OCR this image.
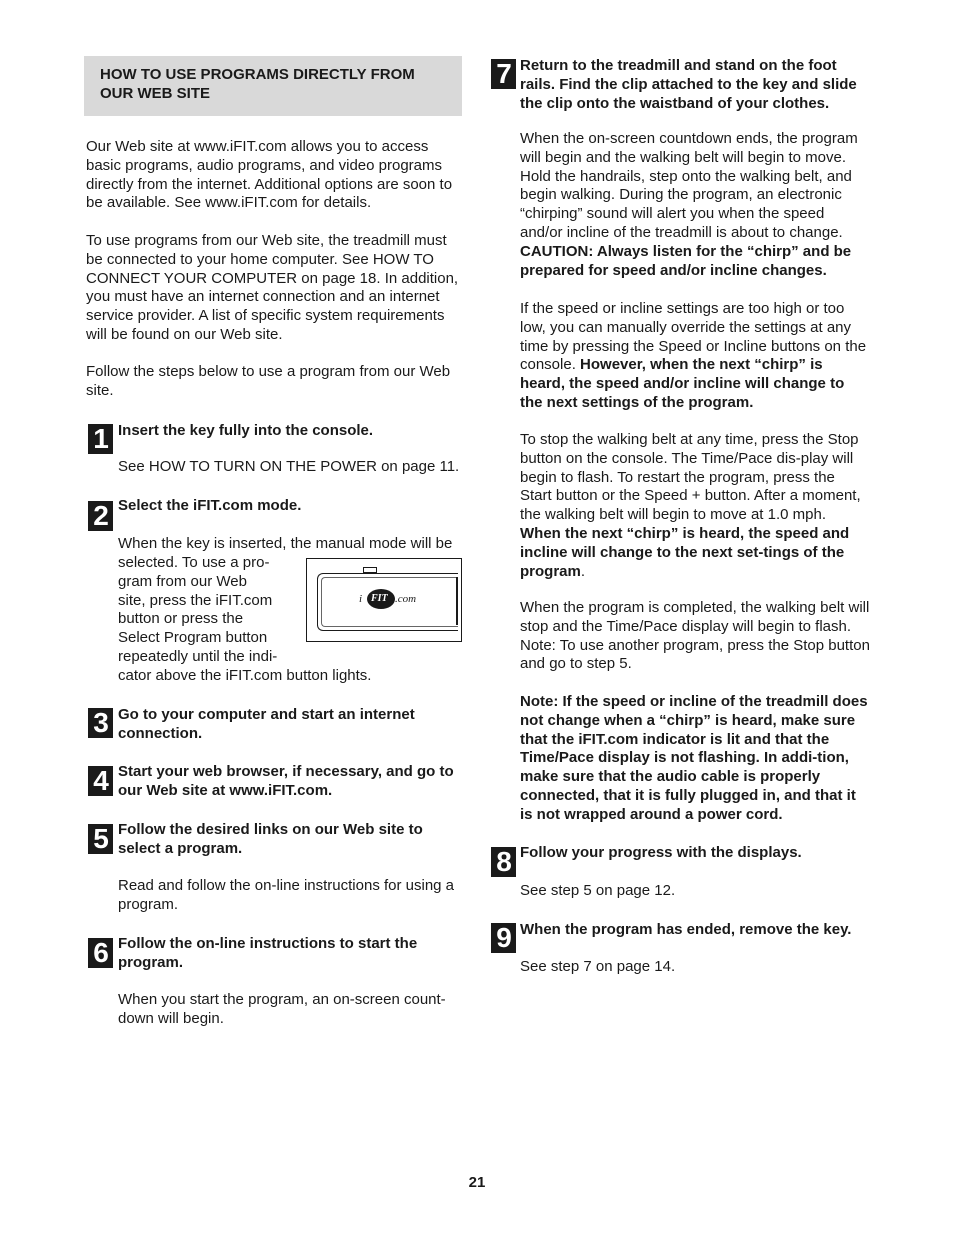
HOW TO USE PROGRAMS DIRECTLY FROM OUR WEB SITE

Our Web site at www.iFIT.com allows you to access basic programs, audio programs, and video programs directly from the internet. Additional options are soon to be available. See www.iFIT.com for details.

To use programs from our Web site, the treadmill must be connected to your home computer. See HOW TO CONNECT YOUR COMPUTER on page 18. In addition, you must have an internet connection and an internet service provider. A list of specific system requirements will be found on our Web site.

Follow the steps below to use a program from our Web site.

1 Insert the key fully into the console.

See HOW TO TURN ON THE POWER on page 11.

2 Select the iFIT.com mode.

When the key is inserted, the manual mode will be

selected. To use a pro-
gram from our Web
site, press the iFIT.com
button or press the
Select Program button
repeatedly until the indi-

cator above the iFIT.com button lights.

i FIT .com
3 Go to your computer and start an internet connection.

4 Start your web browser, if necessary, and go to our Web site at www.iFIT.com.

5 Follow the desired links on our Web site to select a program.

Read and follow the on-line instructions for using a program.

6 Follow the on-line instructions to start the program.

When you start the program, an on-screen count-down will begin.

7 Return to the treadmill and stand on the foot rails. Find the clip attached to the key and slide the clip onto the waistband of your clothes.

When the on-screen countdown ends, the program will begin and the walking belt will begin to move. Hold the handrails, step onto the walking belt, and begin walking. During the program, an electronic “chirping” sound will alert you when the speed and/or incline of the treadmill is about to change. CAUTION: Always listen for the “chirp” and be prepared for speed and/or incline changes.

If the speed or incline settings are too high or too low, you can manually override the settings at any time by pressing the Speed or Incline buttons on the console. However, when the next “chirp” is heard, the speed and/or incline will change to the next settings of the program.

To stop the walking belt at any time, press the Stop button on the console. The Time/Pace dis-play will begin to flash. To restart the program, press the Start button or the Speed + button. After a moment, the walking belt will begin to move at 1.0 mph. When the next “chirp” is heard, the speed and incline will change to the next set-tings of the program.

When the program is completed, the walking belt will stop and the Time/Pace display will begin to flash. Note: To use another program, press the Stop button and go to step 5.

Note: If the speed or incline of the treadmill does not change when a “chirp” is heard, make sure that the iFIT.com indicator is lit and that the Time/Pace display is not flashing. In addi-tion, make sure that the audio cable is properly connected, that it is fully plugged in, and that it is not wrapped around a power cord.

8 Follow your progress with the displays.

See step 5 on page 12.

9 When the program has ended, remove the key.

See step 7 on page 14.

21
